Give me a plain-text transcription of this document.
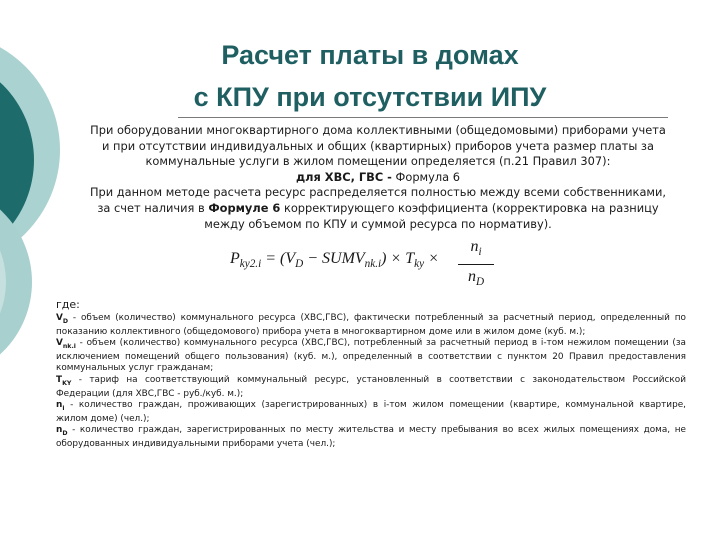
Расчет платы в домах
с КПУ при отсутствии ИПУ
При оборудовании многоквартирного дома коллективными (общедомовыми) приборами учета
и при отсутствии индивидуальных и общих (квартирных) приборов учета размер платы за
коммунальные услуги в жилом помещении определяется (п.21 Правил 307):
для ХВС, ГВС - Формула 6
При данном методе расчета ресурс распределяется полностью между всеми собственниками,
за счет наличия в Формуле 6 корректирующего коэффициента (корректировка на разницу
между объемом по КПУ и суммой ресурса по нормативу).
$P_{ky2.i} = (V_D$ − $SUMV_{nk.i}) \times T_{ky}$ ×
$n_i$
$n_D$

где:

$V_D$ - объем (количество) коммунального ресурса (ХВС,ГВС), фактически потребленный за расчетный период, определенный по показанию коллективного (общедомового) прибора учета в многоквартирном доме или в жилом доме (куб. м.);

$V_{nk.i}$ - объем (количество) коммунального ресурса (ХВС,ГВС), потребленный за расчетный период в i-том нежилом помещении (за исключением помещений общего пользования) (куб. м.), определенный в соответствии с пунктом 20 Правил предоставления коммунальных услуг гражданам;

$T_{KY}$ - тариф на соответствующий коммунальный ресурс, установленный в соответствии с законодательством Российской Федерации (для ХВС,ГВС - руб./куб. м.);

$n_i$ - количество граждан, проживающих (зарегистрированных) в i-том жилом помещении (квартире, коммунальной квартире, жилом доме) (чел.);

$n_D$ - количество граждан, зарегистрированных по месту жительства и месту пребывания во всех жилых помещениях дома, не оборудованных индивидуальными приборами учета (чел.);
